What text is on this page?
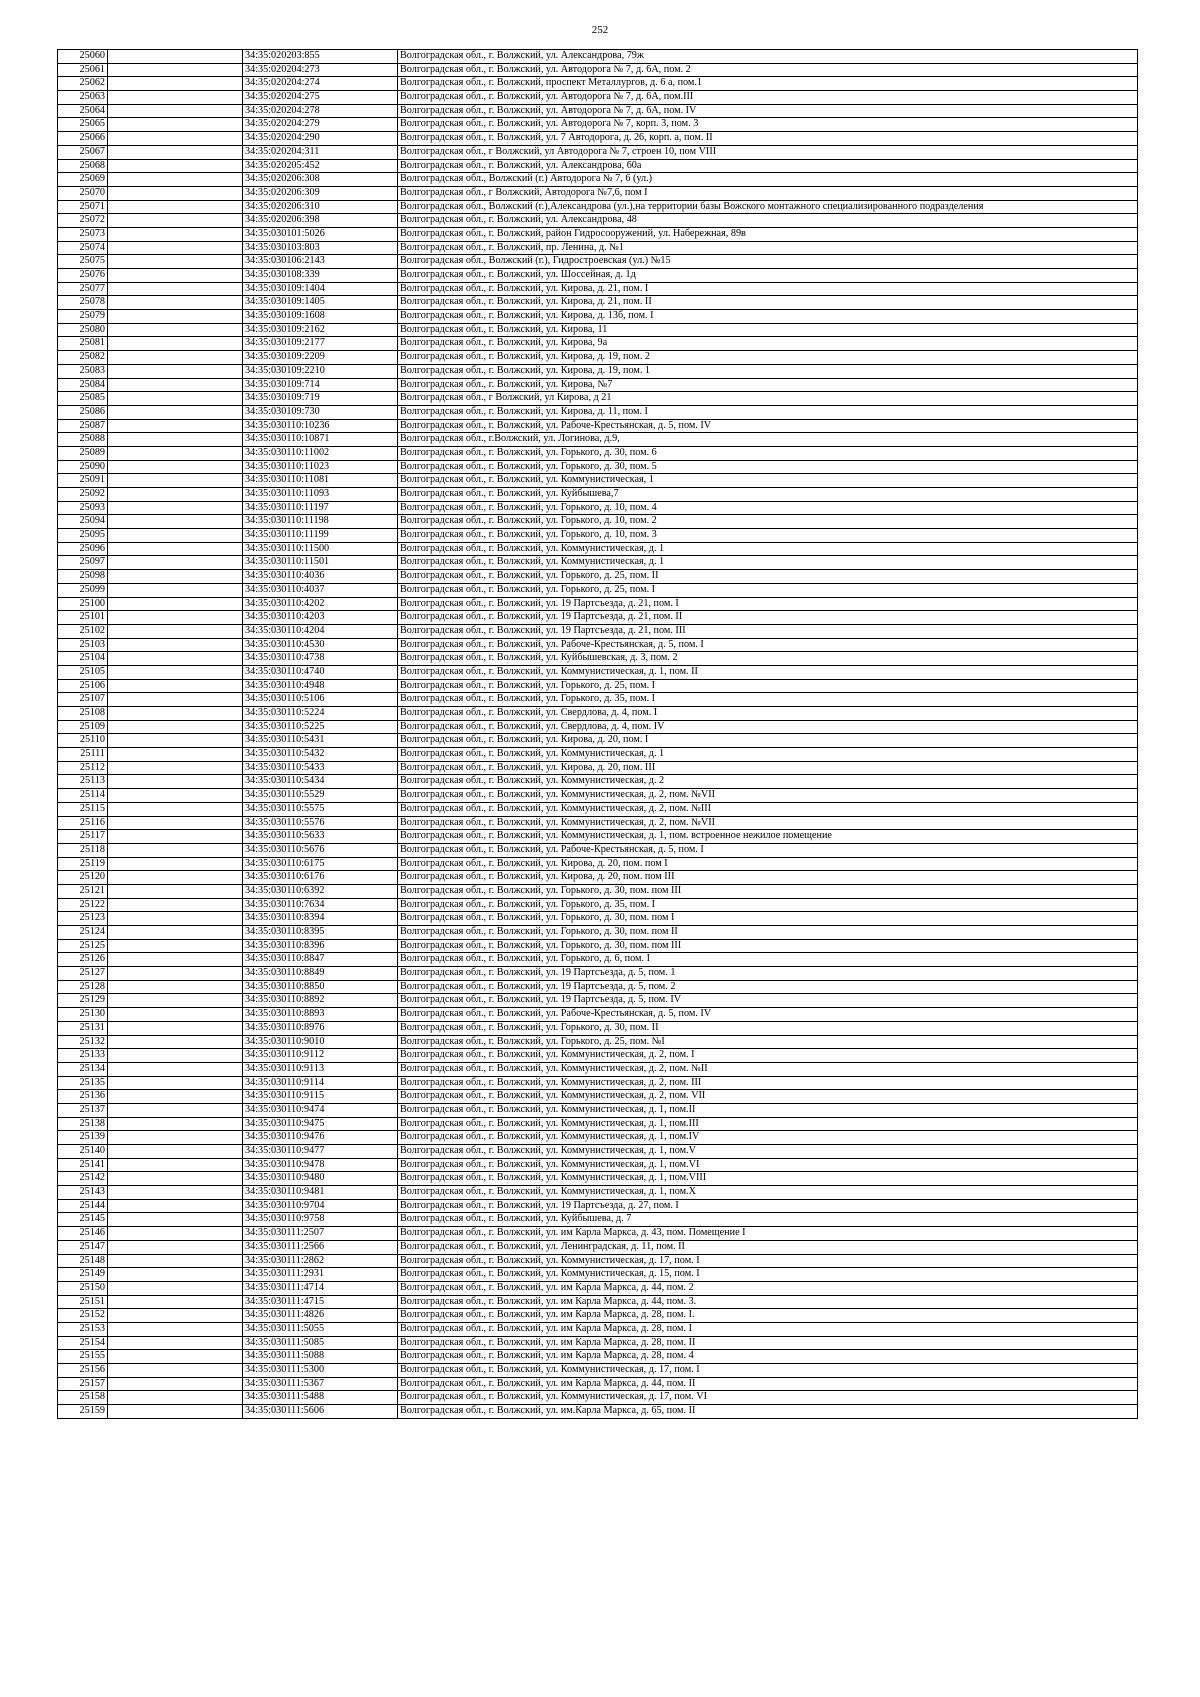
252
25060		34:35:020203:855	Волгоградская обл., г. Волжский, ул. Александрова, 79ж
25061		34:35:020204:273	Волгоградская обл., г. Волжский, ул. Автодорога № 7, д. 6А, пом. 2
25062		34:35:020204:274	Волгоградская обл., г. Волжский, проспект Металлургов, д. 6 а, пом.1
25063		34:35:020204:275	Волгоградская обл., г. Волжский, ул. Автодорога № 7, д. 6А, пом.III
25064		34:35:020204:278	Волгоградская обл., г. Волжский, ул. Автодорога № 7, д. 6А, пом. IV
25065		34:35:020204:279	Волгоградская обл., г. Волжский, ул. Автодорога № 7, корп. 3, пом. 3
25066		34:35:020204:290	Волгоградская обл., г. Волжский, ул. 7 Автодорога, д. 26, корп. а, пом. II
25067		34:35:020204:311	Волгоградская обл., г Волжский, ул Автодорога № 7, строен 10, пом VIII
25068		34:35:020205:452	Волгоградская обл., г. Волжский, ул. Александрова, 60а
25069		34:35:020206:308	Волгоградская обл., Волжский (г.) Автодорога № 7, 6 (ул.)
25070		34:35:020206:309	Волгоградская обл., г Волжский, Автодорога №7,6, пом I
25071		34:35:020206:310	Волгоградская обл., Волжский (г.),Александрова (ул.),на территории базы Вожского монтажного специализированного подразделения
25072		34:35:020206:398	Волгоградская обл., г. Волжский, ул. Александрова, 48
25073		34:35:030101:5026	Волгоградская обл., г. Волжский, район Гидросооружений, ул. Набережная, 89в
25074		34:35:030103:803	Волгоградская обл., г. Волжский, пр. Ленина, д. №1
25075		34:35:030106:2143	Волгоградская обл., Волжский (г.), Гидростроевская (ул.) №15
25076		34:35:030108:339	Волгоградская обл., г. Волжский, ул. Шоссейная, д. 1д
25077		34:35:030109:1404	Волгоградская обл., г. Волжский, ул. Кирова, д. 21, пом. I
25078		34:35:030109:1405	Волгоградская обл., г. Волжский, ул. Кирова, д. 21, пом. II
25079		34:35:030109:1608	Волгоградская обл., г. Волжский, ул. Кирова, д. 13б, пом. I
25080		34:35:030109:2162	Волгоградская обл., г. Волжский, ул. Кирова, 11
25081		34:35:030109:2177	Волгоградская обл., г. Волжский, ул. Кирова, 9а
25082		34:35:030109:2209	Волгоградская обл., г. Волжский, ул. Кирова, д. 19, пом. 2
25083		34:35:030109:2210	Волгоградская обл., г. Волжский, ул. Кирова, д. 19, пом. 1
25084		34:35:030109:714	Волгоградская обл., г. Волжский, ул. Кирова, №7
25085		34:35:030109:719	Волгоградская обл., г Волжский, ул Кирова, д 21
25086		34:35:030109:730	Волгоградская обл., г. Волжский, ул. Кирова, д. 11, пом. I
25087		34:35:030110:10236	Волгоградская обл., г. Волжский, ул. Рабоче-Крестьянская, д. 5, пом. IV
25088		34:35:030110:10871	Волгоградская обл., г.Волжский, ул. Логинова, д.9,
25089		34:35:030110:11002	Волгоградская обл., г. Волжский, ул. Горького, д. 30, пом. 6
25090		34:35:030110:11023	Волгоградская обл., г. Волжский, ул. Горького, д. 30, пом. 5
25091		34:35:030110:11081	Волгоградская обл., г. Волжский, ул. Коммунистическая, 1
25092		34:35:030110:11093	Волгоградская обл., г. Волжский, ул. Куйбышева,7
25093		34:35:030110:11197	Волгоградская обл., г. Волжский, ул. Горького, д. 10, пом. 4
25094		34:35:030110:11198	Волгоградская обл., г. Волжский, ул. Горького, д. 10, пом. 2
25095		34:35:030110:11199	Волгоградская обл., г. Волжский, ул. Горького, д. 10, пом. 3
25096		34:35:030110:11500	Волгоградская обл., г. Волжский, ул. Коммунистическая, д. 1
25097		34:35:030110:11501	Волгоградская обл., г. Волжский, ул. Коммунистическая, д. 1
25098		34:35:030110:4036	Волгоградская обл., г. Волжский, ул. Горького, д. 25, пом. II
25099		34:35:030110:4037	Волгоградская обл., г. Волжский, ул. Горького, д. 25, пом. I
25100		34:35:030110:4202	Волгоградская обл., г. Волжский, ул. 19 Партсъезда, д. 21, пом. I
25101		34:35:030110:4203	Волгоградская обл., г. Волжский, ул. 19 Партсъезда, д. 21, пом. II
25102		34:35:030110:4204	Волгоградская обл., г. Волжский, ул. 19 Партсъезда, д. 21, пом. III
25103		34:35:030110:4530	Волгоградская обл., г. Волжский, ул. Рабоче-Крестьянская, д. 5, пом. I
25104		34:35:030110:4738	Волгоградская обл., г. Волжский, ул. Куйбышевская, д. 3, пом. 2
25105		34:35:030110:4740	Волгоградская обл., г. Волжский, ул. Коммунистическая, д. 1, пом. II
25106		34:35:030110:4948	Волгоградская обл., г. Волжский, ул. Горького, д. 25, пом. I
25107		34:35:030110:5106	Волгоградская обл., г. Волжский, ул. Горького, д. 35, пом. I
25108		34:35:030110:5224	Волгоградская обл., г. Волжский, ул. Свердлова, д. 4, пом. I
25109		34:35:030110:5225	Волгоградская обл., г. Волжский, ул. Свердлова, д. 4, пом. IV
25110		34:35:030110:5431	Волгоградская обл., г. Волжский, ул. Кирова, д. 20, пом. I
25111		34:35:030110:5432	Волгоградская обл., г. Волжский, ул. Коммунистическая, д. 1
25112		34:35:030110:5433	Волгоградская обл., г. Волжский, ул. Кирова, д. 20, пом. III
25113		34:35:030110:5434	Волгоградская обл., г. Волжский, ул. Коммунистическая, д. 2
25114		34:35:030110:5529	Волгоградская обл., г. Волжский, ул. Коммунистическая, д. 2, пом. №VII
25115		34:35:030110:5575	Волгоградская обл., г. Волжский, ул. Коммунистическая, д. 2, пом. №III
25116		34:35:030110:5576	Волгоградская обл., г. Волжский, ул. Коммунистическая, д. 2, пом. №VII
25117		34:35:030110:5633	Волгоградская обл., г. Волжский, ул. Коммунистическая, д. 1, пом. встроенное нежилое помещение
25118		34:35:030110:5676	Волгоградская обл., г. Волжский, ул. Рабоче-Крестьянская, д. 5, пом. I
25119		34:35:030110:6175	Волгоградская обл., г. Волжский, ул. Кирова, д. 20, пом. пом I
25120		34:35:030110:6176	Волгоградская обл., г. Волжский, ул. Кирова, д. 20, пом. пом III
25121		34:35:030110:6392	Волгоградская обл., г. Волжский, ул. Горького, д. 30, пом. пом III
25122		34:35:030110:7634	Волгоградская обл., г. Волжский, ул. Горького, д. 35, пом. I
25123		34:35:030110:8394	Волгоградская обл., г. Волжский, ул. Горького, д. 30, пом. пом I
25124		34:35:030110:8395	Волгоградская обл., г. Волжский, ул. Горького, д. 30, пом. пом II
25125		34:35:030110:8396	Волгоградская обл., г. Волжский, ул. Горького, д. 30, пом. пом III
25126		34:35:030110:8847	Волгоградская обл., г. Волжский, ул. Горького, д. 6, пом. I
25127		34:35:030110:8849	Волгоградская обл., г. Волжский, ул. 19 Партсъезда, д. 5, пом. 1
25128		34:35:030110:8850	Волгоградская обл., г. Волжский, ул. 19 Партсъезда, д. 5, пом. 2
25129		34:35:030110:8892	Волгоградская обл., г. Волжский, ул. 19 Партсъезда, д. 5, пом. IV
25130		34:35:030110:8893	Волгоградская обл., г. Волжский, ул. Рабоче-Крестьянская, д. 5, пом. IV
25131		34:35:030110:8976	Волгоградская обл., г. Волжский, ул. Горького, д. 30, пом. II
25132		34:35:030110:9010	Волгоградская обл., г. Волжский, ул. Горького, д. 25, пом. №I
25133		34:35:030110:9112	Волгоградская обл., г. Волжский, ул. Коммунистическая, д. 2, пом. I
25134		34:35:030110:9113	Волгоградская обл., г. Волжский, ул. Коммунистическая, д. 2, пом. №II
25135		34:35:030110:9114	Волгоградская обл., г. Волжский, ул. Коммунистическая, д. 2, пом. III
25136		34:35:030110:9115	Волгоградская обл., г. Волжский, ул. Коммунистическая, д. 2, пом. VII
25137		34:35:030110:9474	Волгоградская обл., г. Волжский, ул. Коммунистическая, д. 1, пом.II
25138		34:35:030110:9475	Волгоградская обл., г. Волжский, ул. Коммунистическая, д. 1, пом.III
25139		34:35:030110:9476	Волгоградская обл., г. Волжский, ул. Коммунистическая, д. 1, пом.IV
25140		34:35:030110:9477	Волгоградская обл., г. Волжский, ул. Коммунистическая, д. 1, пом.V
25141		34:35:030110:9478	Волгоградская обл., г. Волжский, ул. Коммунистическая, д. 1, пом.VI
25142		34:35:030110:9480	Волгоградская обл., г. Волжский, ул. Коммунистическая, д. 1, пом.VIII
25143		34:35:030110:9481	Волгоградская обл., г. Волжский, ул. Коммунистическая, д. 1, пом.X
25144		34:35:030110:9704	Волгоградская обл., г. Волжский, ул. 19 Партсъезда, д. 27, пом. I
25145		34:35:030110:9758	Волгоградская обл., г. Волжский, ул. Куйбышева, д. 7
25146		34:35:030111:2507	Волгоградская обл., г. Волжский, ул. им Карла Маркса, д. 43, пом. Помещение I
25147		34:35:030111:2566	Волгоградская обл., г. Волжский, ул. Ленинградская, д. 11, пом. II
25148		34:35:030111:2862	Волгоградская обл., г. Волжский, ул. Коммунистическая, д. 17, пом. I
25149		34:35:030111:2931	Волгоградская обл., г. Волжский, ул. Коммунистическая, д. 15, пом. I
25150		34:35:030111:4714	Волгоградская обл., г. Волжский, ул. им Карла Маркса, д. 44, пом. 2
25151		34:35:030111:4715	Волгоградская обл., г. Волжский, ул. им Карла Маркса, д. 44, пом. 3.
25152		34:35:030111:4826	Волгоградская обл., г. Волжский, ул. им Карла Маркса, д. 28, пом. I.
25153		34:35:030111:5055	Волгоградская обл., г. Волжский, ул. им Карла Маркса, д. 28, пом. I
25154		34:35:030111:5085	Волгоградская обл., г. Волжский, ул. им Карла Маркса, д. 28, пом. II
25155		34:35:030111:5088	Волгоградская обл., г. Волжский, ул. им Карла Маркса, д. 28, пом. 4
25156		34:35:030111:5300	Волгоградская обл., г. Волжский, ул. Коммунистическая, д. 17, пом. I
25157		34:35:030111:5367	Волгоградская обл., г. Волжский, ул. им Карла Маркса, д. 44, пом. II
25158		34:35:030111:5488	Волгоградская обл., г. Волжский, ул. Коммунистическая, д. 17, пом. VI
25159		34:35:030111:5606	Волгоградская обл., г. Волжский, ул. им.Карла Маркса, д. 65, пом. II
